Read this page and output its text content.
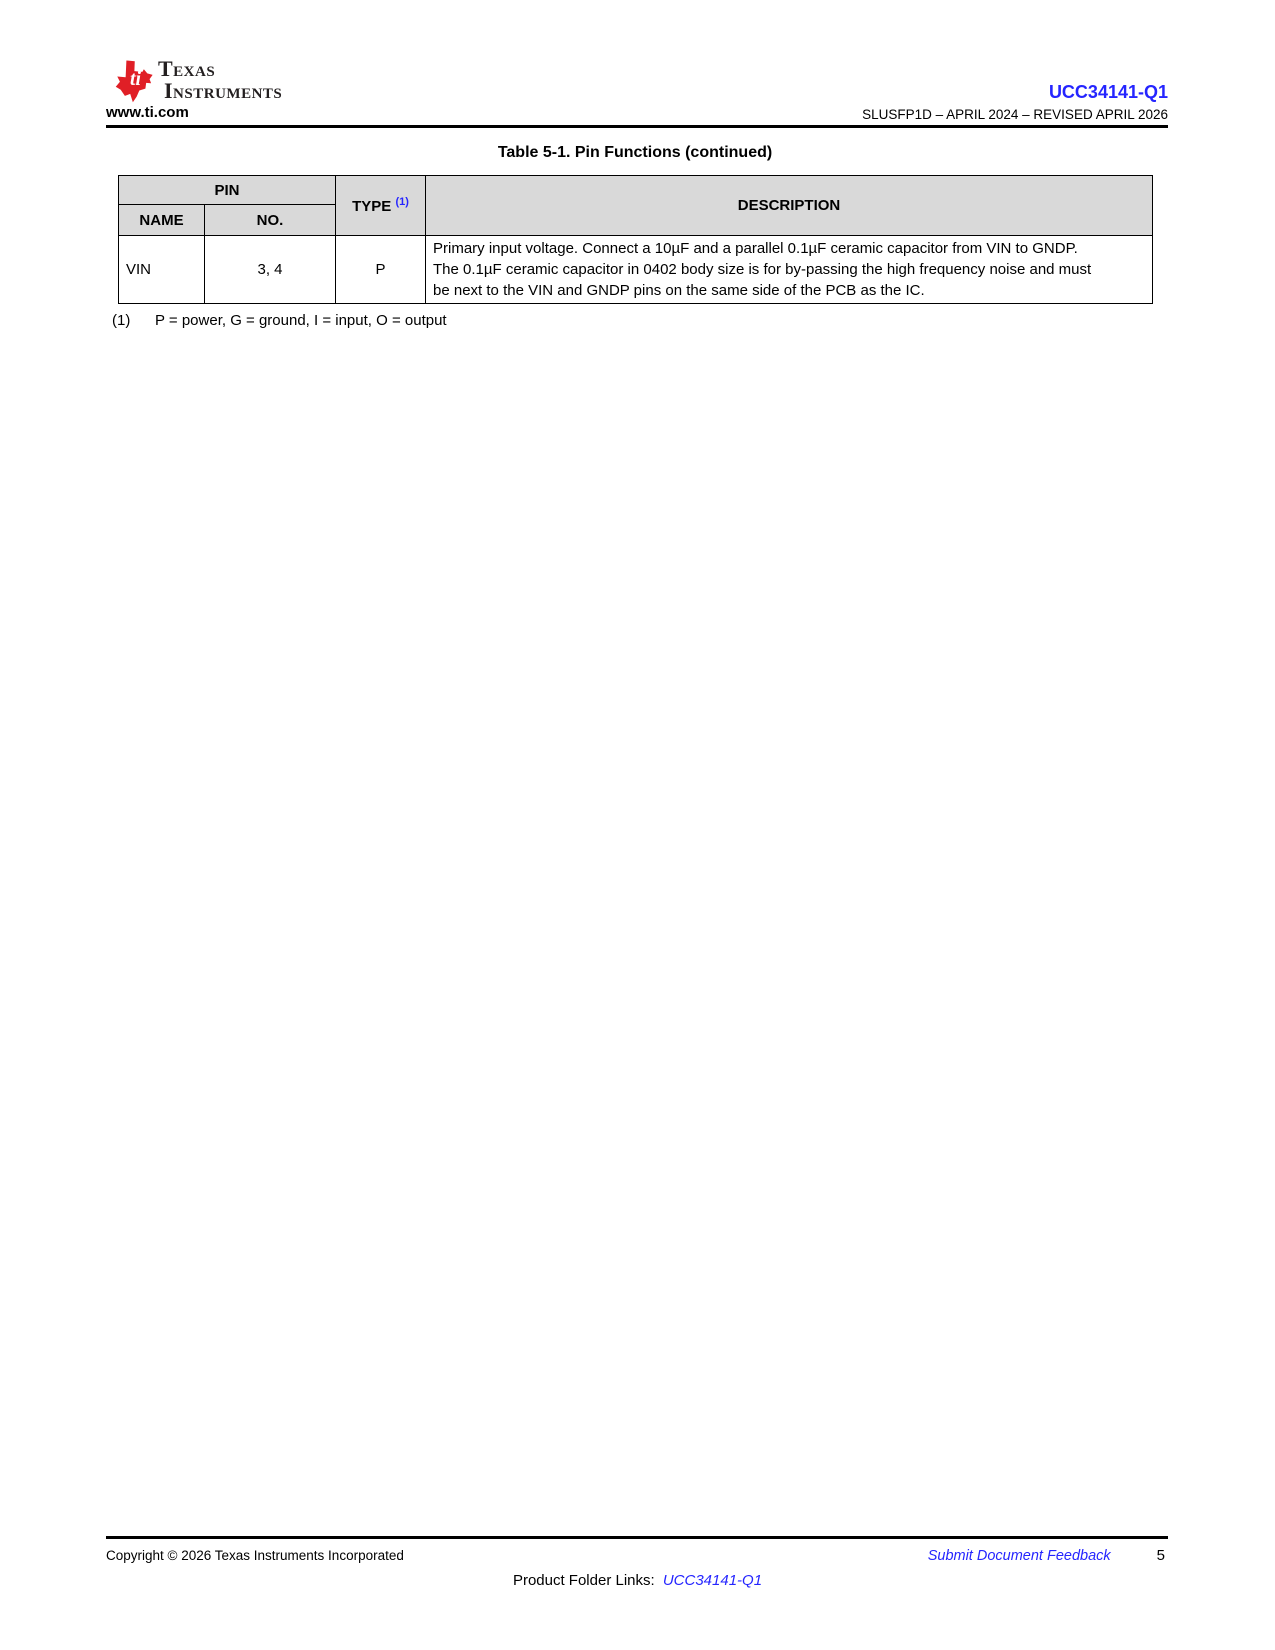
ti Texas
Instruments
www.ti.com
UCC34141-Q1
SLUSFP1D – APRIL 2024 – REVISED APRIL 2026
Table 5-1. Pin Functions (continued)
PIN		TYPE $^{(1)}$	DESCRIPTION
NAME	NO.		
VIN	3, 4	P	Primary input voltage. Connect a 10µF and a parallel 0.1µF ceramic capacitor from VIN to GNDP. The 0.1µF ceramic capacitor in 0402 body size is for by-passing the high frequency noise and must be next to the VIN and GNDP pins on the same side of the PCB as the IC.
(1)	P = power, G = ground, I = input, O = output
Copyright © 2026 Texas Instruments Incorporated	Submit Document Feedback	5
Product Folder Links: UCC34141-Q1
